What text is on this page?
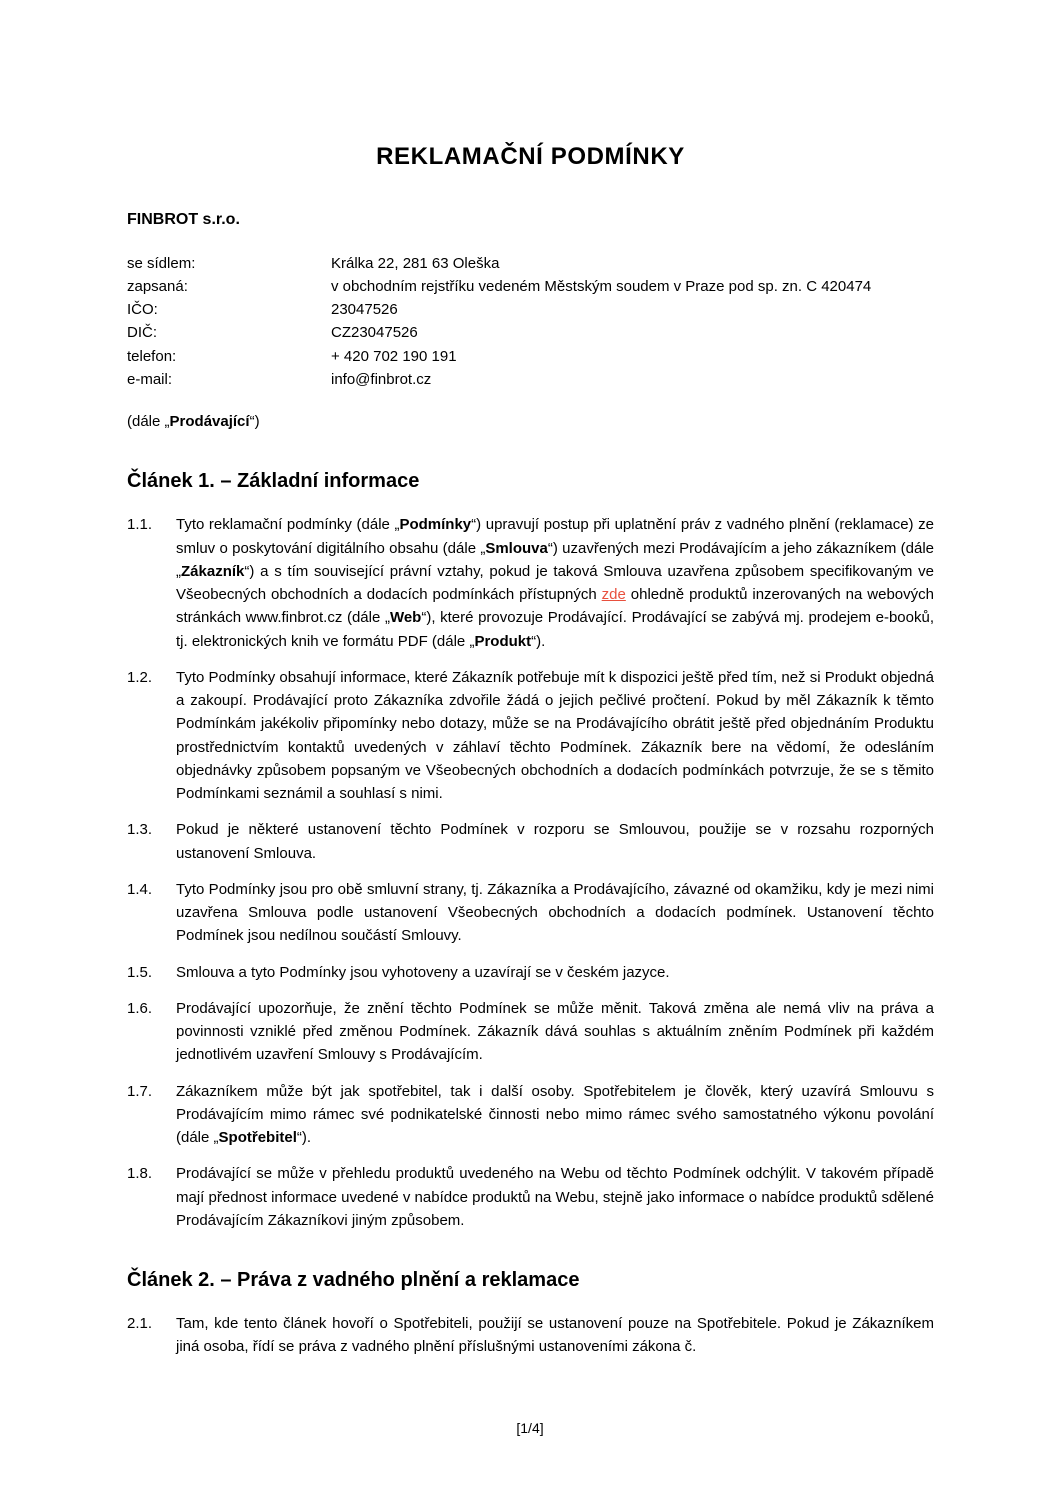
REKLAMAČNÍ PODMÍNKY

FINBROT s.r.o.

se sídlem:	Králka 22, 281 63 Oleška
zapsaná:	v obchodním rejstříku vedeném Městským soudem v Praze pod sp. zn. C 420474
IČO:	23047526
DIČ:	CZ23047526
telefon:	+ 420 702 190 191
e-mail:	info@finbrot.cz

(dále „Prodávající“)

Článek 1. – Základní informace
1.1.	Tyto reklamační podmínky (dále „Podmínky“) upravují postup při uplatnění práv z vadného plnění (reklamace) ze smluv o poskytování digitálního obsahu (dále „Smlouva“) uzavřených mezi Prodávajícím a jeho zákazníkem (dále „Zákazník“) a s tím související právní vztahy, pokud je taková Smlouva uzavřena způsobem specifikovaným ve Všeobecných obchodních a dodacích podmínkách přístupných zde ohledně produktů inzerovaných na webových stránkách www.finbrot.cz (dále „Web“), které provozuje Prodávající. Prodávající se zabývá mj. prodejem e-booků, tj. elektronických knih ve formátu PDF (dále „Produkt“).
1.2.	Tyto Podmínky obsahují informace, které Zákazník potřebuje mít k dispozici ještě před tím, než si Produkt objedná a zakoupí. Prodávající proto Zákazníka zdvořile žádá o jejich pečlivé pročtení. Pokud by měl Zákazník k těmto Podmínkám jakékoliv připomínky nebo dotazy, může se na Prodávajícího obrátit ještě před objednáním Produktu prostřednictvím kontaktů uvedených v záhlaví těchto Podmínek. Zákazník bere na vědomí, že odesláním objednávky způsobem popsaným ve Všeobecných obchodních a dodacích podmínkách potvrzuje, že se s těmito Podmínkami seznámil a souhlasí s nimi.
1.3.	Pokud je některé ustanovení těchto Podmínek v rozporu se Smlouvou, použije se v rozsahu rozporných ustanovení Smlouva.
1.4.	Tyto Podmínky jsou pro obě smluvní strany, tj. Zákazníka a Prodávajícího, závazné od okamžiku, kdy je mezi nimi uzavřena Smlouva podle ustanovení Všeobecných obchodních a dodacích podmínek. Ustanovení těchto Podmínek jsou nedílnou součástí Smlouvy.
1.5.	Smlouva a tyto Podmínky jsou vyhotoveny a uzavírají se v českém jazyce.
1.6.	Prodávající upozorňuje, že znění těchto Podmínek se může měnit. Taková změna ale nemá vliv na práva a povinnosti vzniklé před změnou Podmínek. Zákazník dává souhlas s aktuálním zněním Podmínek při každém jednotlivém uzavření Smlouvy s Prodávajícím.
1.7.	Zákazníkem může být jak spotřebitel, tak i další osoby. Spotřebitelem je člověk, který uzavírá Smlouvu s Prodávajícím mimo rámec své podnikatelské činnosti nebo mimo rámec svého samostatného výkonu povolání (dále „Spotřebitel“).
1.8.	Prodávající se může v přehledu produktů uvedeného na Webu od těchto Podmínek odchýlit. V takovém případě mají přednost informace uvedené v nabídce produktů na Webu, stejně jako informace o nabídce produktů sdělené Prodávajícím Zákazníkovi jiným způsobem.
Článek 2. – Práva z vadného plnění a reklamace
2.1.	Tam, kde tento článek hovoří o Spotřebiteli, použijí se ustanovení pouze na Spotřebitele. Pokud je Zákazníkem jiná osoba, řídí se práva z vadného plnění příslušnými ustanoveními zákona č.
[1/4]
